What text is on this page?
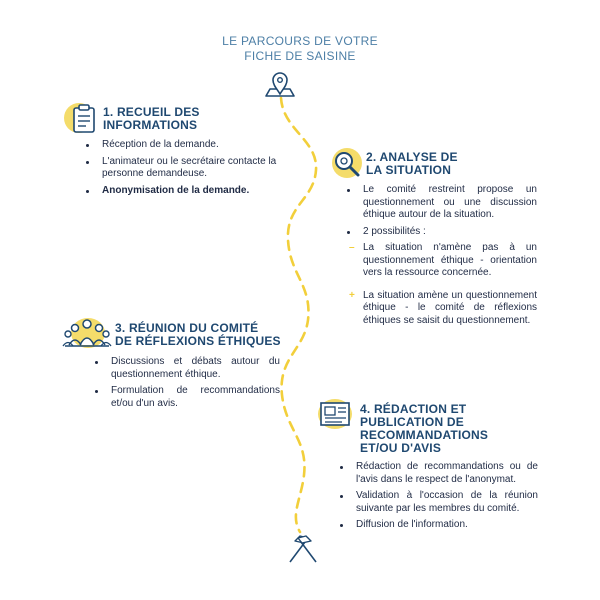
LE PARCOURS DE VOTRE
FICHE DE SAISINE
1. RECUEIL DES
INFORMATIONS
Réception de la demande.
L'animateur ou le secrétaire contacte la personne demandeuse.
Anonymisation de la demande.
2. ANALYSE DE
LA SITUATION
Le comité restreint propose un questionnement ou une discussion éthique autour de la situation.
2 possibilités :
– La situation n'amène pas à un questionnement éthique - orientation vers la ressource concernée.
+ La situation amène un questionnement éthique - le comité de réflexions éthiques se saisit du questionnement.
3. RÉUNION DU COMITÉ
DE RÉFLEXIONS ÉTHIQUES
Discussions et débats autour du questionnement éthique.
Formulation de recommandations et/ou d'un avis.	4. RÉDACTION ET
PUBLICATION DE
RECOMMANDATIONS
ET/OU D'AVIS
Rédaction de recommandations ou de l'avis dans le respect de l'anonymat.
Validation à l'occasion de la réunion suivante par les membres du comité.
Diffusion de l'information.
